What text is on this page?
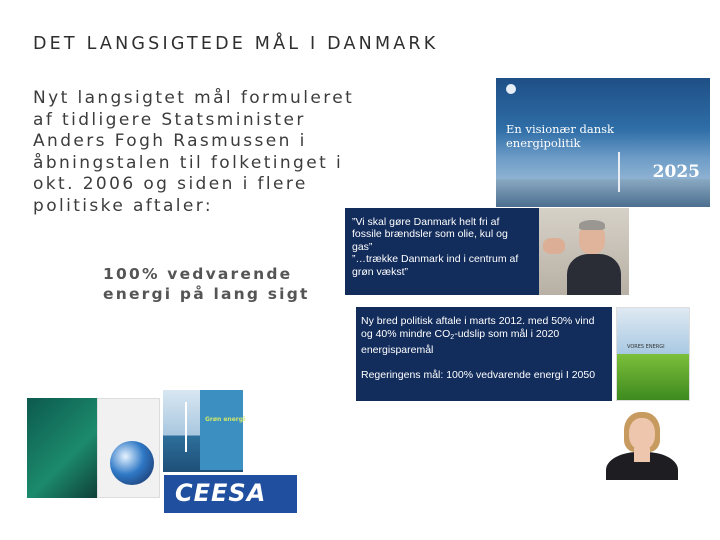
DET LANGSIGTEDE MÅL I DANMARK
Nyt langsigtet mål formuleret
af tidligere Statsminister
Anders Fogh Rasmussen i
åbningstalen til folketinget i
okt. 2006 og siden i flere
politiske aftaler:
100% vedvarende
energi på lang sigt
En visionær dansk
energipolitik
2025
”Vi skal gøre Danmark helt fri af
fossile brændsler som olie, kul og
gas”
”…trække Danmark ind i centrum af
grøn vækst”
Ny bred politisk aftale i marts 2012. med 50% vind
og 40% mindre $CO_2$-udslip som mål i 2020
energisparemål
Regeringens mål: 100% vedvarende energi I 2050
VORES ENERGI
Grøn energi
CEESA
